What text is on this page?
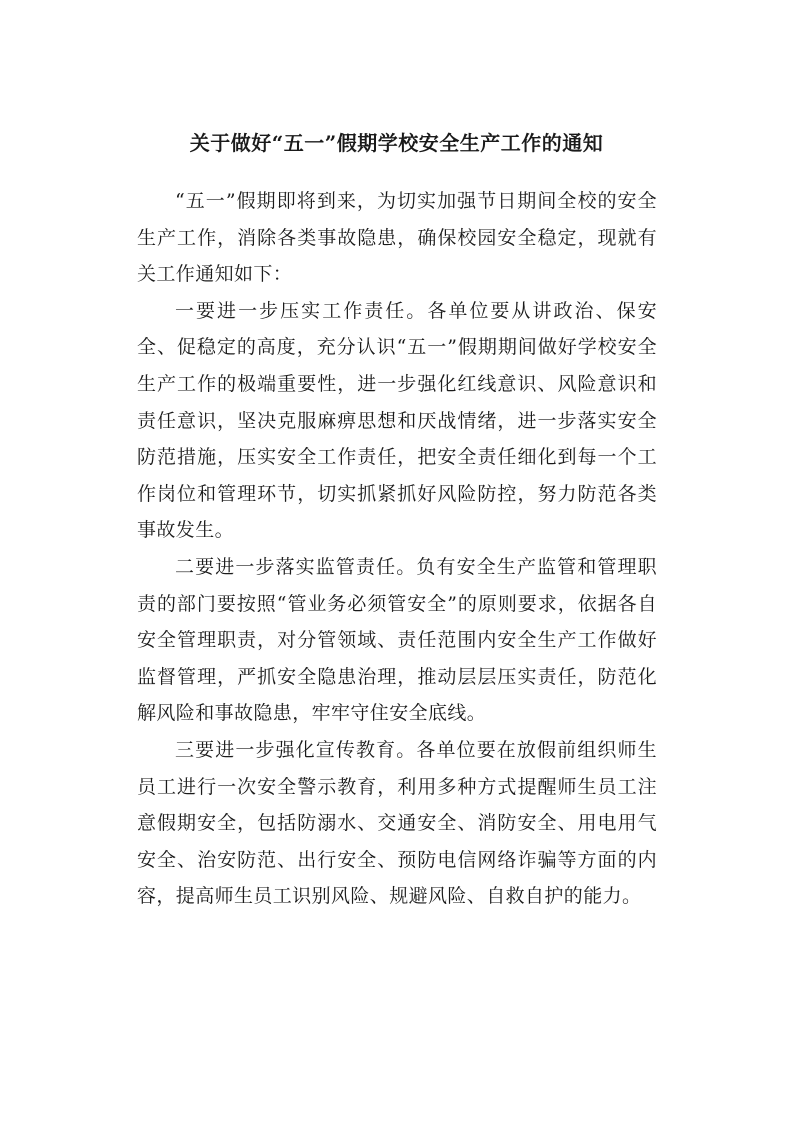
关于做好“五一”假期学校安全生产工作的通知

“五一”假期即将到来，为切实加强节日期间全校的安全生产工作，消除各类事故隐患，确保校园安全稳定，现就有关工作通知如下：

一要进一步压实工作责任。各单位要从讲政治、保安全、促稳定的高度，充分认识“五一”假期期间做好学校安全生产工作的极端重要性，进一步强化红线意识、风险意识和责任意识，坚决克服麻痹思想和厌战情绪，进一步落实安全防范措施，压实安全工作责任，把安全责任细化到每一个工作岗位和管理环节，切实抓紧抓好风险防控，努力防范各类事故发生。

二要进一步落实监管责任。负有安全生产监管和管理职责的部门要按照“管业务必须管安全”的原则要求，依据各自安全管理职责，对分管领域、责任范围内安全生产工作做好监督管理，严抓安全隐患治理，推动层层压实责任，防范化解风险和事故隐患，牢牢守住安全底线。

三要进一步强化宣传教育。各单位要在放假前组织师生员工进行一次安全警示教育，利用多种方式提醒师生员工注意假期安全，包括防溺水、交通安全、消防安全、用电用气安全、治安防范、出行安全、预防电信网络诈骗等方面的内容，提高师生员工识别风险、规避风险、自救自护的能力。
